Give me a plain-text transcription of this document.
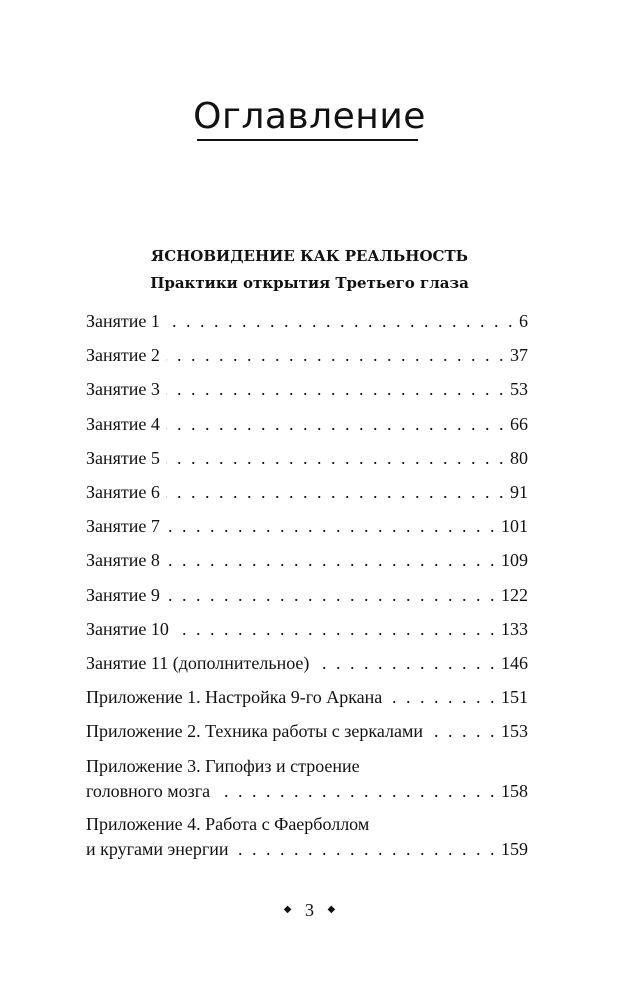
Оглавление
ЯСНОВИДЕНИЕ КАК РЕАЛЬНОСТЬ
Практики открытия Третьего глаза
Занятие 1 . . .	6
Занятие 2 . . .	37
Занятие 3 . . .	53
Занятие 4 . . .	66
Занятие 5 . . .	80
Занятие 6 . . .	91
Занятие 7 . . .	101
Занятие 8 . . .	109
Занятие 9 . . .	122
Занятие 10 . . .	133
Занятие 11 (дополнительное) . . .	146
Приложение 1. Настройка 9-го Аркана . . .	151
Приложение 2. Техника работы с зеркалами . . .	153
Приложение 3. Гипофиз и строение
головного мозга . . .	158
Приложение 4. Работа с Фаерболлом
и кругами энергии . . .	159
◆ 3 ◆
